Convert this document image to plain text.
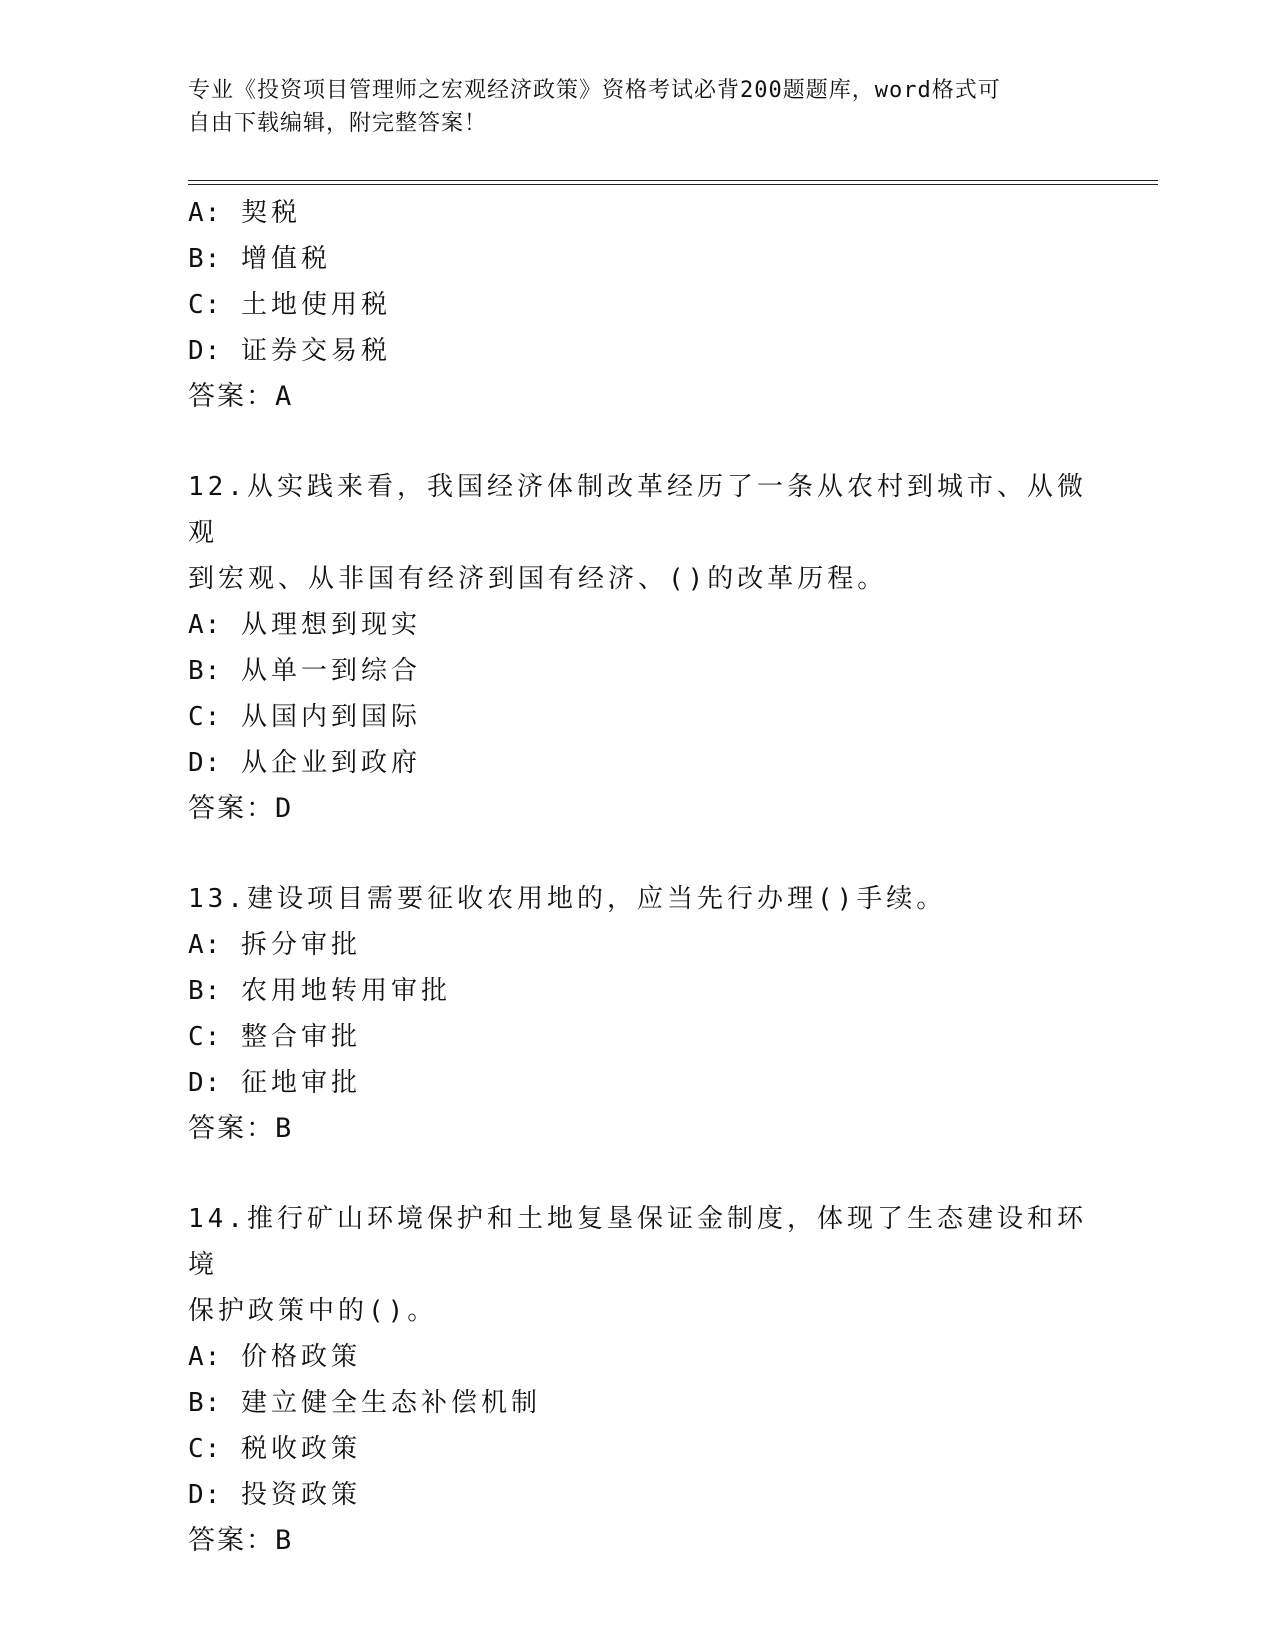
专业《投资项目管理师之宏观经济政策》资格考试必背200题题库，word格式可
自由下载编辑，附完整答案！
A: 契税
B: 增值税
C: 土地使用税
D: 证券交易税
答案：A
12.从实践来看，我国经济体制改革经历了一条从农村到城市、从微观
到宏观、从非国有经济到国有经济、()的改革历程。
A: 从理想到现实
B: 从单一到综合
C: 从国内到国际
D: 从企业到政府
答案：D
13.建设项目需要征收农用地的，应当先行办理()手续。
A: 拆分审批
B: 农用地转用审批
C: 整合审批
D: 征地审批
答案：B
14.推行矿山环境保护和土地复垦保证金制度，体现了生态建设和环境
保护政策中的()。
A: 价格政策
B: 建立健全生态补偿机制
C: 税收政策
D: 投资政策
答案：B
